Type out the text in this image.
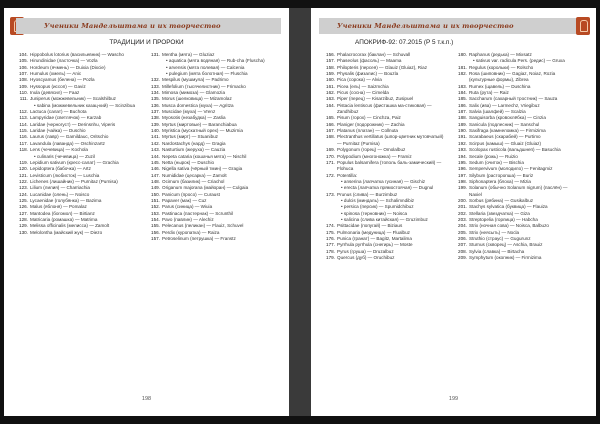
Ученики Мандельштама и их творчество
ТРАДИЦИИ И ПРОРОКИ
104. Hippobolus lotorius (васильевник) — Wascho
105. Hirundinidae (ласточка) — Vozla
106. Hordeum (ячмень) — Duixia (Dixcie)
107. Humulus (хмель) — Anic
108. Hyoscyamus (белена) — Pozla
109. Hyssopus (иссоп) — Gaviz
110. Inula (девясил) — Faaz
111. Juniperus (можжевельник) — Scalshilbuz
• sabina (можжевельник казац-кий) — Scinzibua
112. Lactuca (салат) — Buchota
113. Lampyridae (светлячок) — Karzab
114. Laridae (черногуст) — Derinsnhu, Viperis
115. Laridae (чайка) — Duschio
116. Laurus (лавр) — Gamildauc, Oritschio
117. Lavandula (лаванда) — Oschinzartz
118. Lens (чечевица) — Kochola
• culinaris (чечевица) — Zuzil
119. Lepidium sativum (кресс-салат) — Grachia
120. Lepidoptera (бабочка) — Artz
121. Levisticum (любисток) — Luschia
122. Lichenes (лишайник) — Purnitaz (Purnisa)
123. Lilium (лилия) — Charriachia
124. Lucanidae (олень) — Noisco
125. Lycaenidae (голубянка) — Bazima
126. Malus (яблоня) — Pomalaz
127. Mantodea (богомол) — Birtianz
128. Matricaria (ромашка) — Matrima
129. Melissa officinalis (мелисса) — Zamolt
130. Melolontha (майский жук) — Diezo
131. Mentha (мята) — Gluziaz
• aquatica (мята водяная) — Rub-cha (Fluscha)
• arvensis (мята полевая) — Calcenia
• pulegium (мята болотная) — Fluschia
132. Mespilus (мушмула) — Padrimo
133. Millefolium (тысячелистник) — Frimacko
134. Mimosa (мимоза) — Glamozia
135. Morus (шелковица) — Mizamolaz
136. Musca domestica (муха) — Agritza
137. Muscidae (муха) — Vrenz
138. Myosotis (незабудка) — Zaslia
139. Myrtus (миртовые) — Baranchiabua
140. Myristica (мускатный орех) — Muzirnia
141. Myrtus (мирт) — Stuanibuz
142. Nardostachys (нард) — Gragia
143. Nasturtium (жеруха) — Cauzia
144. Nepeta cataria (кошачья мята) — Nischil
145. Netta (нырок) — Duschio
146. Nigella sativa (чёрный тмин) — Gragia
147. Numididae (цесарка) — Zamolt
148. Ocimum (базилик) — Criachol
149. Origanum majorana (майоран) — Culgaia
150. Panicum (просо) — Curaust
151. Papaver (мак) — Cuz
152. Parus (синица) — Wiuia
153. Pastinaca (пастернак) — Scrunthil
154. Pavo (павлин) — Alechiz
155. Pelecanus (пеликан) — Flauiz, Schuvel
156. Perdix (куропатка) — Raiza
157. Petroselinum (петрушка) — Franstz
198
Ученики Мандельштама и их творчество
АПОКРИФ-92: 07.2015 (Р 5 т.к.п.)
156. Phalacrocorax (баклан) — Schuvall
157. Phaseolus (фасоль) — Maama
158. Philopteris (персея) — Glauiz (Gluiaz), Riaz
159. Physalis (физалис) — Bouzla
160. Pica (сорока) — Alvia
161. Picea (ель) — Saizmchia
162. Picus (сосна) — Cimelda
163. Piper (перец) — Kisarzibuz, Zusipuel
164. Pistacia lentiscus (фисташка ма-стиковая) — Zandhibuz
165. Pisum (горох) — Cinchza, Paiz
166. Planiger (подорожник) — Zachia
167. Platanus (платан) — Collnuta
168. Plectranthus vertillatus (шпор-цветник мутовчатый) — Purnitaz (Purnisa)
169. Polygonum (горец) — Omolalbuz
170. Polypodium (многоножка) — Framiz
171. Populus balsamifera (тополь баль-замический) — Flohuca
172. Potentilla:
• anserina (лапчатка гусиная) — Gischiz
• erecta (лапчатка прямостоячая) — Dugnul
173. Prunus (слива) — Burzimbuz
• dulcis (миндаль) — Schalimndibiz
• persica (персик) — Spumidchibuz
• spinosa (терновник) — Noisca
• salicina (слива китайская) — Gruzimbuz
174. Psittacidae (попугай) — Biziaus
175. Pulmonaria (медуница) — Flualbuz
176. Punica (гранат) — Bagitz, Martalima
177. Pyrrhula pyrrhula (снегирь) — Moste
178. Pyrus (груша) — Druzalbuz
179. Quercus (дуб) — Oruchibuz
180. Raphanus (редька) — Mixsatz
• sativus var. radicula Pers. (редис) — Gruxa
181. Regulus (корольки) — Rolscho
182. Rosa (шиповник) — Gagiaz, Noiaz, Rozia (культурные формы), Zibrea
183. Rumex (щавель) — Duschina
184. Ruta (рута) — Raiz
185. Saccharum (сахарный тростник) — Sauza
186. Salix (ива) — Larmechz, Vriegibuz
187. Salvia (шалфей) — Scalzia
188. Sanguisorba (кровохлёбка) — Cinzia
189. Sanicula (подлесник) — Sanschul
190. Saxifraga (камнеломка) — Firmizima
191. Scarabaeus (скарабей) — Purtimo
192. Scirpus (камыш) — Gluaiz (Gluiaz)
193. Scolopax rusticola (вальдшнеп) — Basuchia
194. Secale (рожь) — Ruizio
195. Sedum (очиток) — Bischia
196. Sempervivum (молодило) — Fenitagmiz
197. Silybum (расторопша) — Buriz
198. Siphonaptera (блоха) — Mizia
199. Solanum (обычно Solanum nigrum) (паслён) — Naxiel
200. Sorbus (рябина) — Gusikalbuz
201. Stachys sylvatica (буквица) — Flauiza
202. Stellaria (звездчатка) — Giza
203. Streptopelia (горлица) — Habcha
204. Strix (ночная сова) — Noisca, Balbuzo
205. Strix (неясыть) — Nocla
206. Struthio (страус) — Gugurunz
207. Sturnus (скворец) — Aschia, Brauiz
208. Sylvia (славка) — Birtacha
209. Symphytum (окопник) — Firmizima
199
